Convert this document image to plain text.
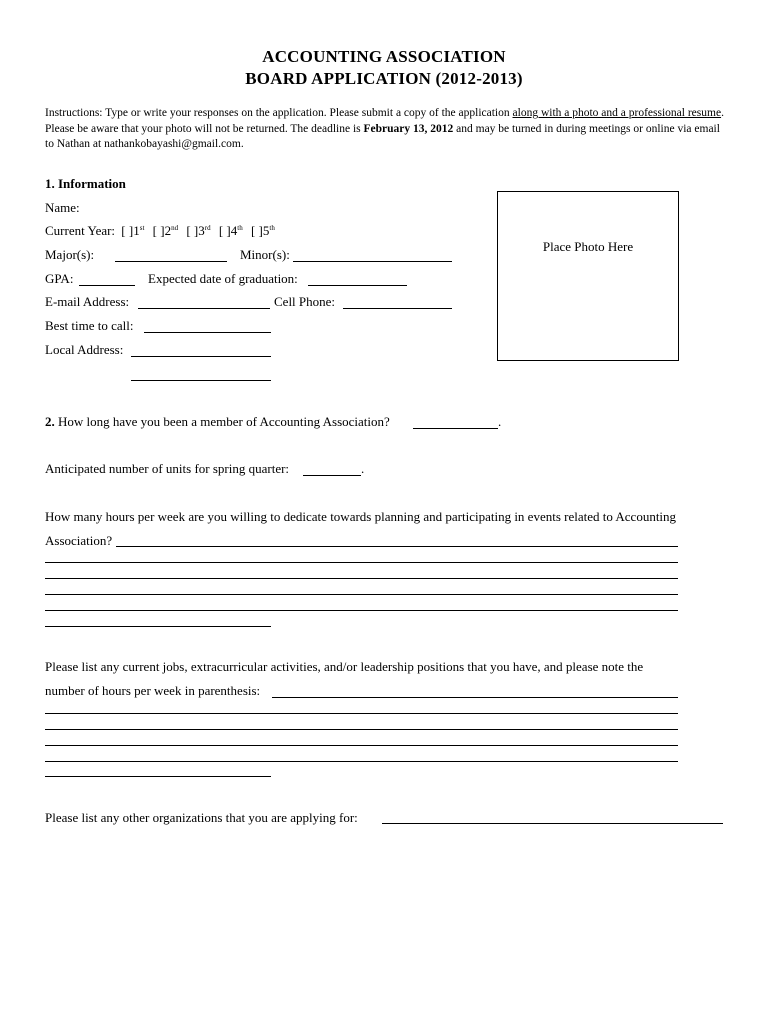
ACCOUNTING ASSOCIATION
BOARD APPLICATION (2012-2013)
Instructions: Type or write your responses on the application. Please submit a copy of the application along with a photo and a professional resume. Please be aware that your photo will not be returned. The deadline is February 13, 2012 and may be turned in during meetings or online via email to Nathan at nathankobayashi@gmail.com.
1. Information
Name:
Current Year: [ ]1st [ ]2nd [ ]3rd [ ]4th [ ]5th
Major(s):	Minor(s):
GPA:	Expected date of graduation:
E-mail Address:	Cell Phone:
Best time to call:
Local Address:
Place Photo Here
2. How long have you been a member of Accounting Association?	.
Anticipated number of units for spring quarter:	.
How many hours per week are you willing to dedicate towards planning and participating in events related to Accounting
Association?
Please list any current jobs, extracurricular activities, and/or leadership positions that you have, and please note the
number of hours per week in parenthesis:
Please list any other organizations that you are applying for:
